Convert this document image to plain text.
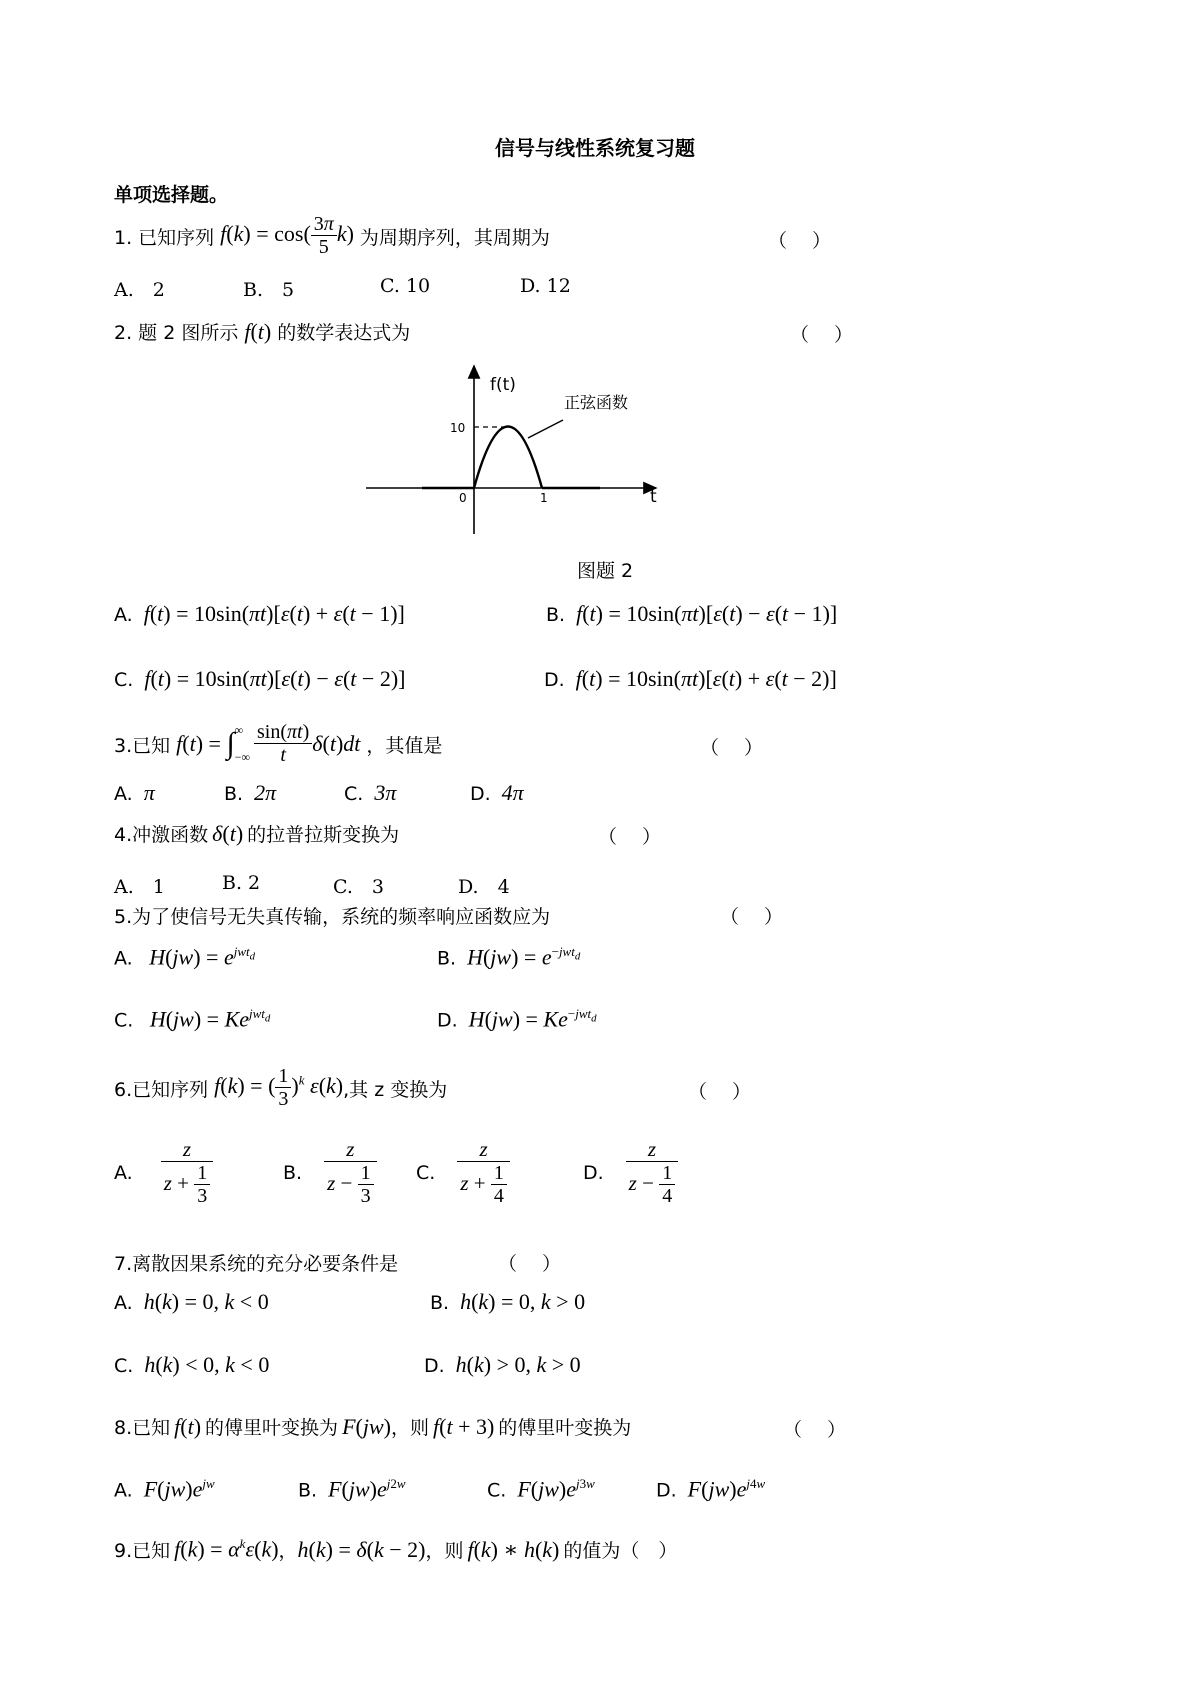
信号与线性系统复习题
单项选择题。
1. 已知序列 $f(k) = \cos( \frac{3\pi}{5} k)$ 为周期序列，其周期为	（　 ）
A.　2	B.　5	C. 10	D. 12
2. 题 2 图所示 f(t) 的数学表达式为	（　 ）
f(t)
t
正弦函数
10
0	1
图题 2
A. f(t) = 10sin(πt)[ε(t) + ε(t − 1)]	B. f(t) = 10sin(πt)[ε(t) − ε(t − 1)]
C. f(t) = 10sin(πt)[ε(t) − ε(t − 2)]	D. f(t) = 10sin(πt)[ε(t) + ε(t − 2)]
3.已知 f ( t ) = ∫ ∞
−∞ $\frac{\sin(\pi t)}{t}$ δ ( t ) dt ，其值是	（　 ）
A. π	B. 2π	C. 3π	D. 4π
4.冲激函数 δ(t) 的拉普拉斯变换为	（　 ）
A.　1	B. 2	C.　3	D.　4
5.为了使信号无失真传输，系统的频率响应函数应为	（　 ）
A. $H(jw) = e^{jwt_d}$	B. $H(jw) = e^{-jwt_d}$
C. $H(jw) = Ke^{jwt_d}$	D. $H(jw) = Ke^{-jwt_d}$
6.已知序列 f(k) = ( $\frac{1}{3} )^k$ ε(k) ,其 z 变换为	（　 ）
A. $\frac{z}{z + \frac{1}{3}}$	B. $\frac{z}{z - \frac{1}{3}} C$. $\frac{z}{z + \frac{1}{4}}$	D. $\frac{z}{z - \frac{1}{4}}$
7.离散因果系统的充分必要条件是	（　 ）
A. h(k) = 0, k < 0	B. h(k) = 0, k > 0
C. h(k) < 0, k < 0	D. h(k) > 0, k > 0
8.已知 f(t) 的傅里叶变换为 F(jw) ，则 f(t + 3) 的傅里叶变换为	（　 ）
A. $F(jw)e^{jw}$	B. $F(jw)e^{j2w}$	C. $F(jw)e^{j3w}$	D. $F(jw)e^{j4w}$
9.已知 $f(k) = \alpha^k\varepsilon(k)$ ， h(k) = δ(k − 2) ，则 f(k) ∗ h(k) 的值为（　）
